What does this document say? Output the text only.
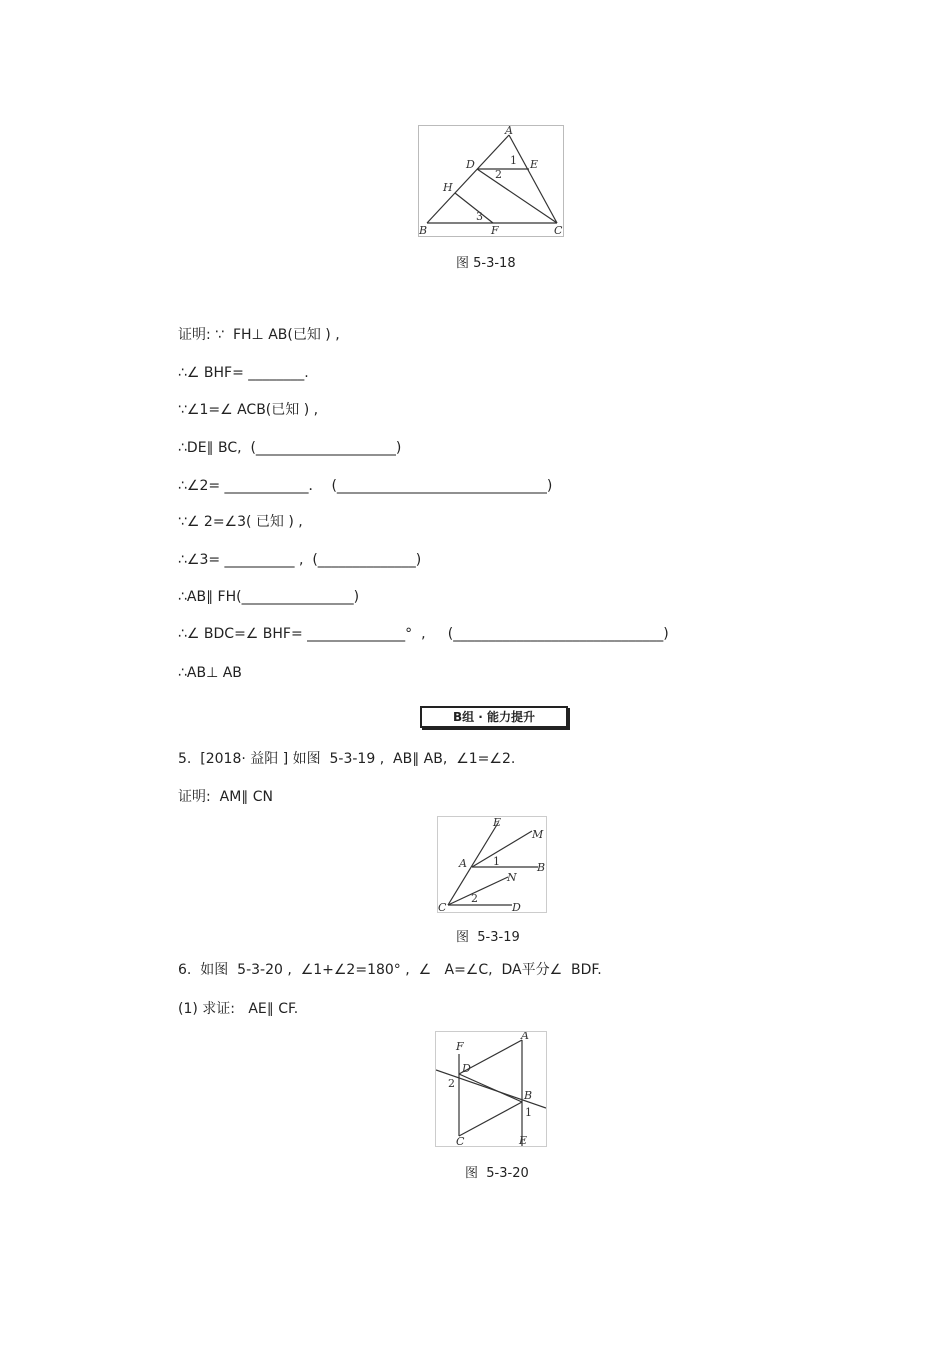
A
D	E
H
B	F	C
1
2
3
图 5-3-18
证明: ∵  FH⊥ AB(已知 ) ,
∴∠ BHF= ________.
∵∠1=∠ ACB(已知 ) ,
∴DE∥ BC,  (____________________)
∴∠2= ____________．  (______________________________)
∵∠ 2=∠3( 已知 ) ,
∴∠3= __________ ,  (______________)
∴AB∥ FH(________________)
∴∠ BDC=∠ BHF= ______________°  ,     (______________________________)
∴AB⊥ AB
B组 · 能力提升
5.  [2018· 益阳 ] 如图  5-3-19 ,  AB∥ AB,  ∠1=∠2.
证明:  AM∥ CN
E
M
A	B
N
C	D
1
2
图  5-3-19
6.  如图  5-3-20 ,  ∠1+∠2=180° ,  ∠   A=∠C,  DA平分∠  BDF.
(1) 求证:   AE∥ CF.
F
A
D
2
B
1
C	E
图  5-3-20
